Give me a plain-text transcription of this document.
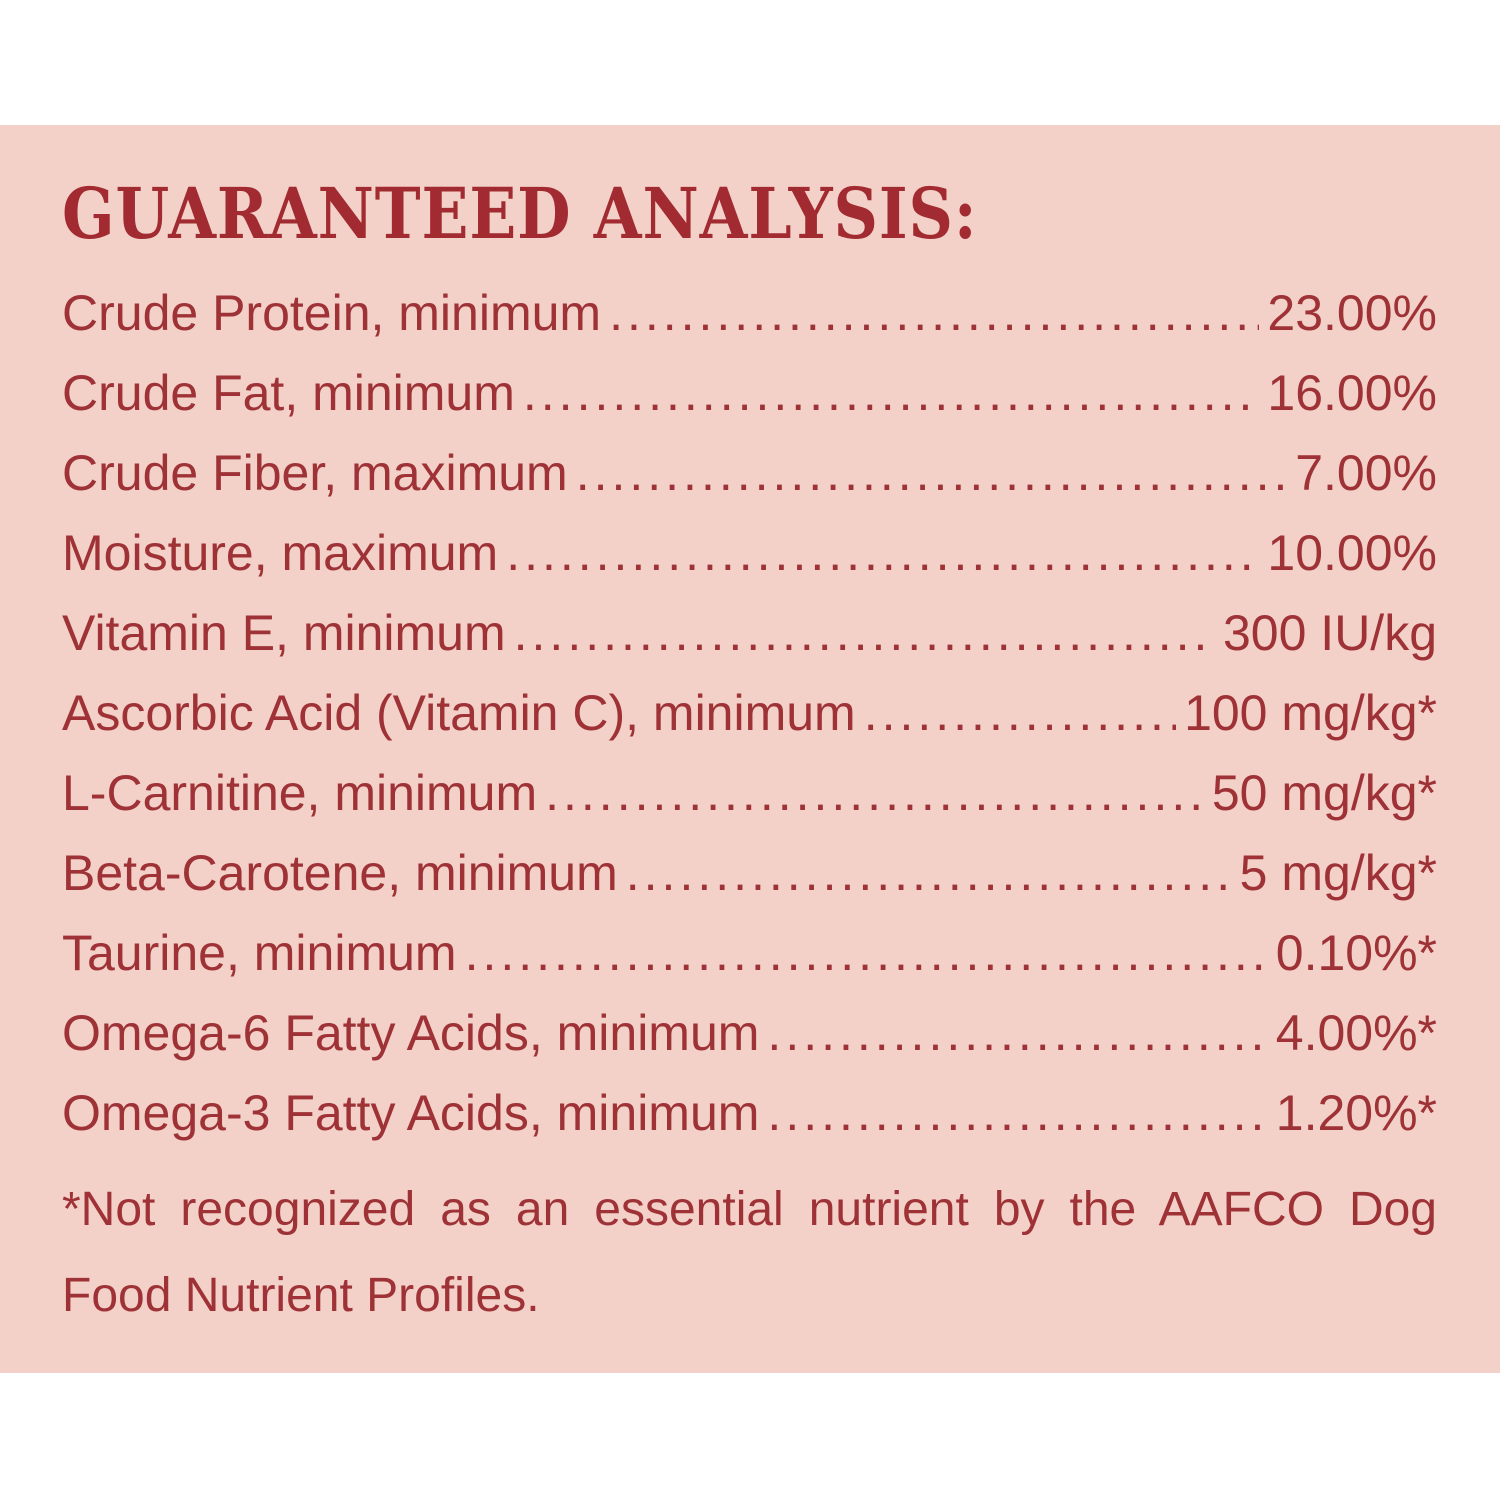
GUARANTEED ANALYSIS:
Crude Protein, minimum .....	23.00%
Crude Fat, minimum .....	16.00%
Crude Fiber, maximum .....	7.00%
Moisture, maximum .....	10.00%
Vitamin E, minimum .....	300 IU/kg
Ascorbic Acid (Vitamin C), minimum .....	100 mg/kg*
L-Carnitine, minimum .....	50 mg/kg*
Beta-Carotene, minimum .....	5 mg/kg*
Taurine, minimum .....	0.10%*
Omega-6 Fatty Acids, minimum .....	4.00%*
Omega-3 Fatty Acids, minimum .....	1.20%*
*Not recognized as an essential nutrient by the AAFCO Dog
Food Nutrient Profiles.
